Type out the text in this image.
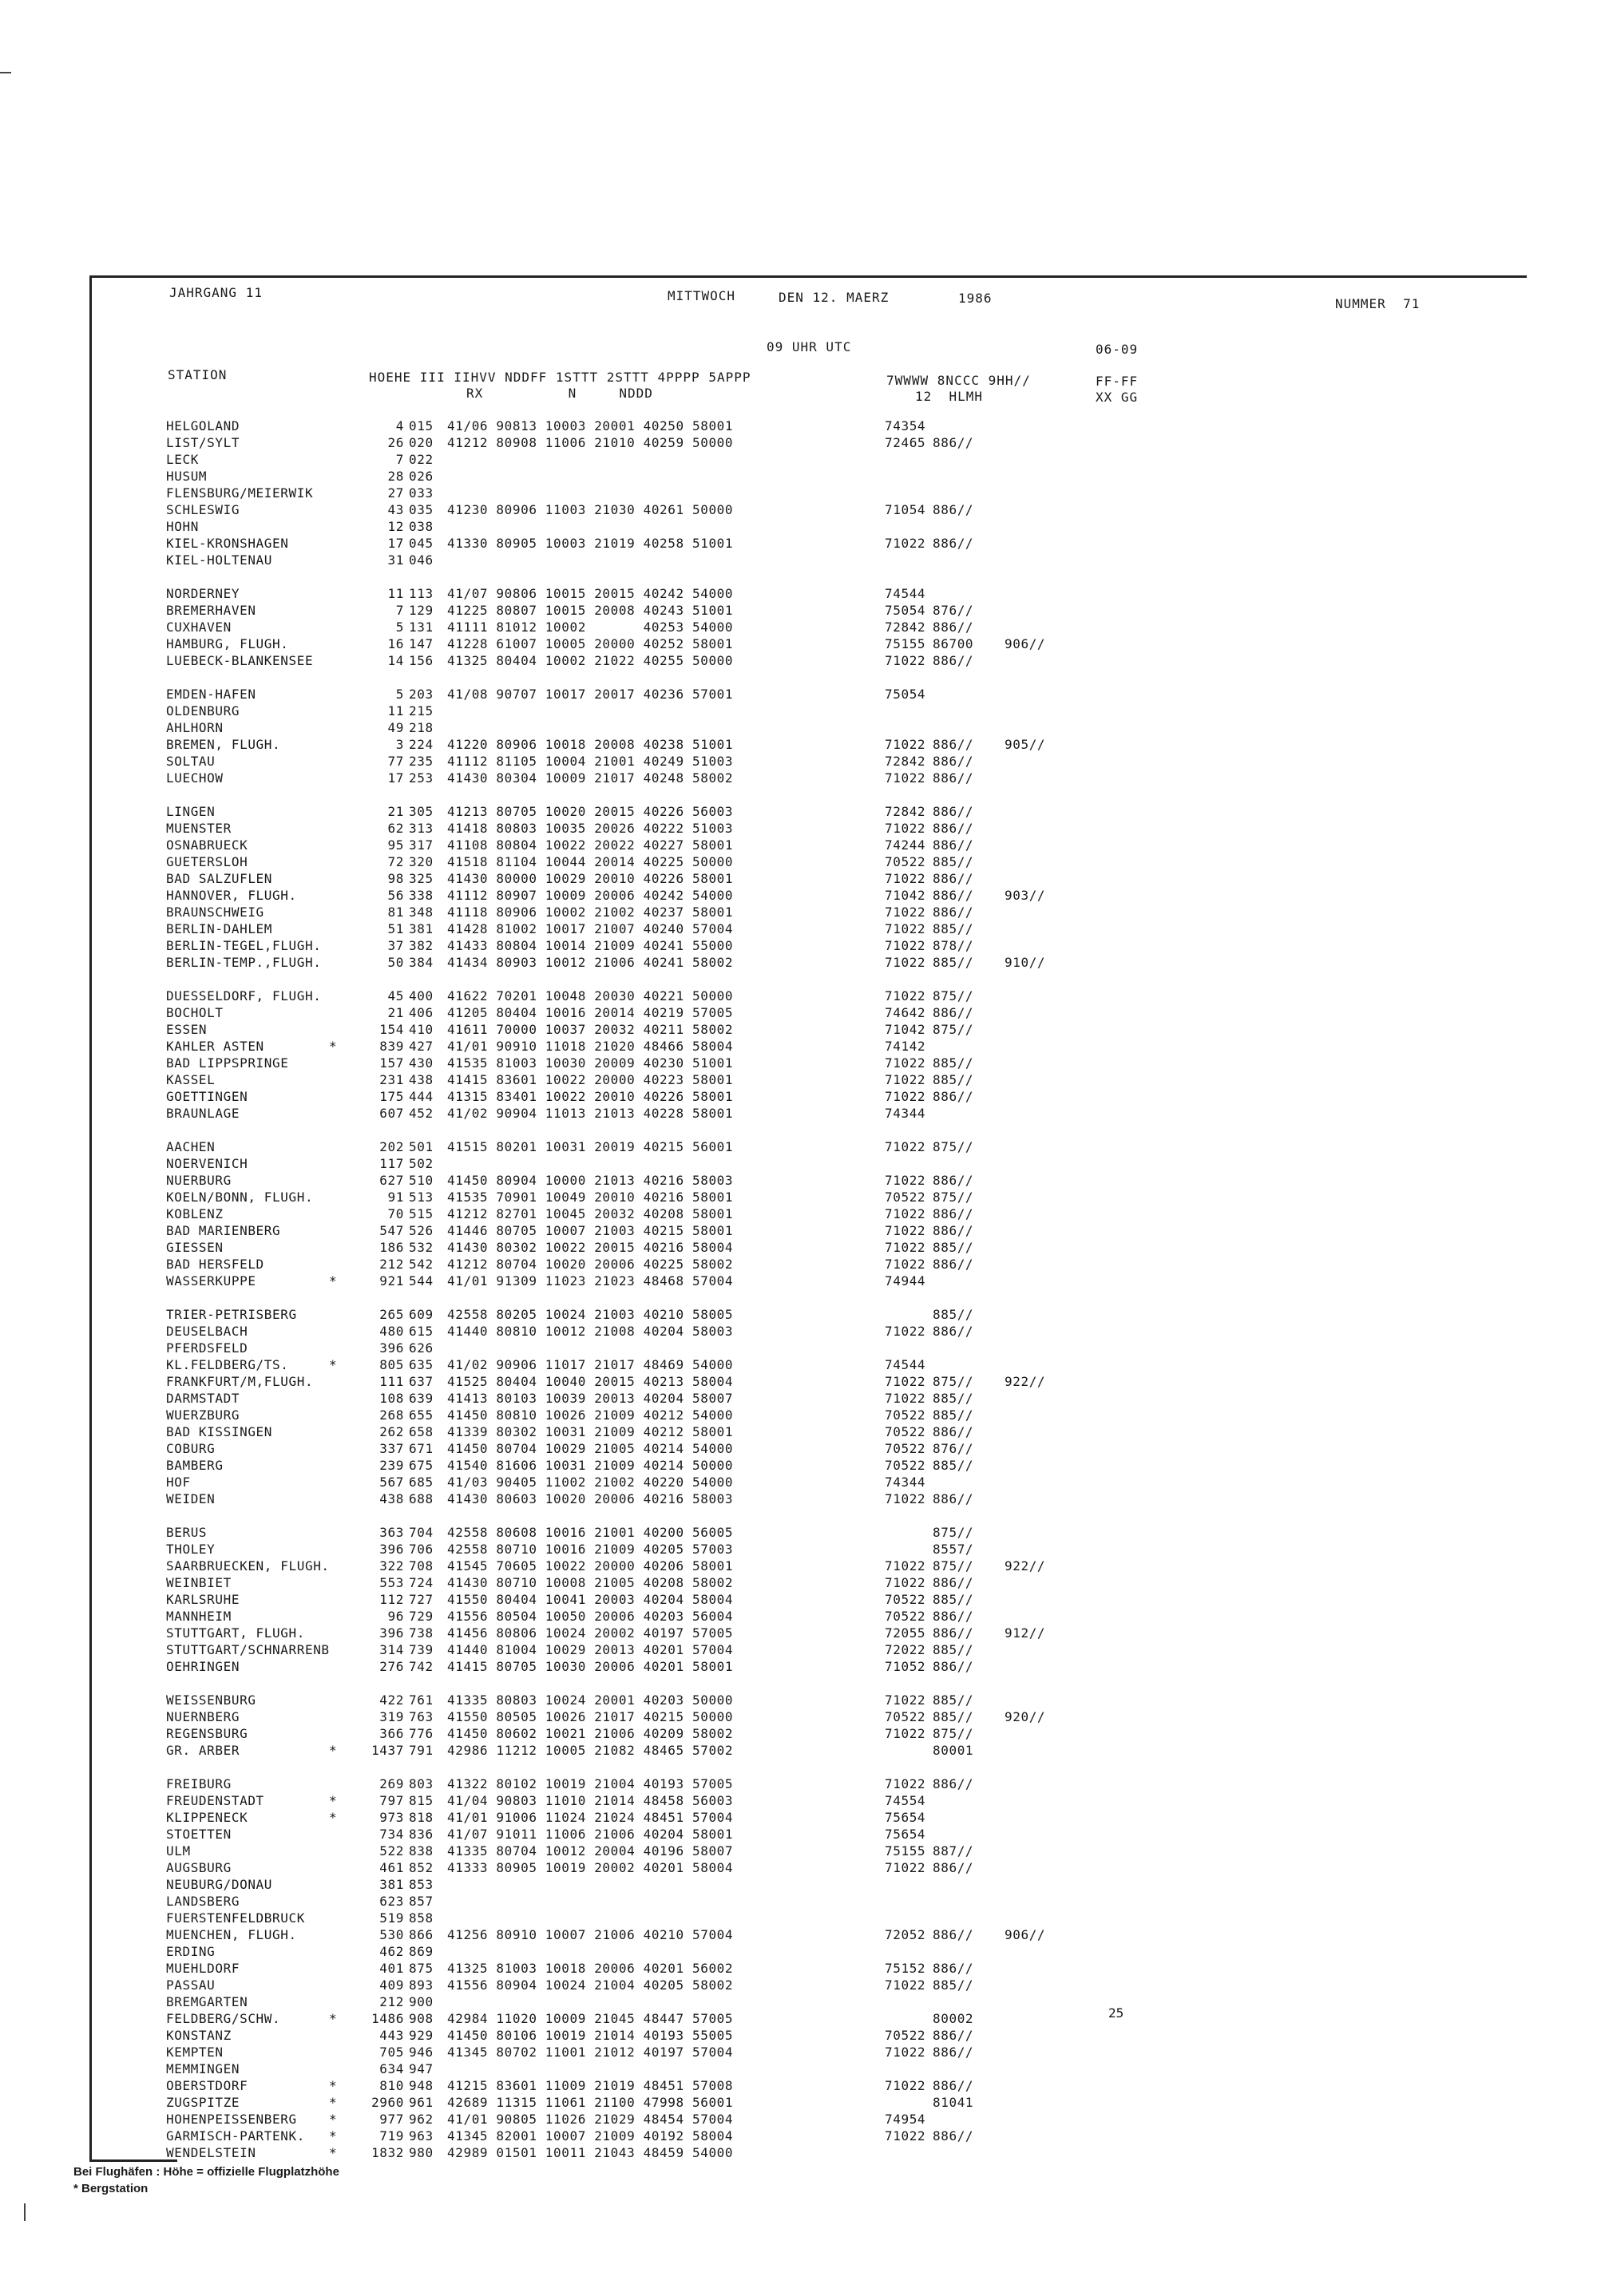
JAHRGANG 11	MITTWOCH	DEN 12. MAERZ	1986	NUMMER  71
09 UHR UTC	06-09
STATION	HOEHE III IIHVV NDDFF 1STTT 2STTT 4PPPP 5APPP
RX          N     NDDD
7WWWW 8NCCC 9HH//
12  HLMH
FF-FF
XX GG
HELGOLAND	4 015 41/06 90813 10003 20001 40250 58001	74354
LIST/SYLT	26 020 41212 80908 11006 21010 40259 50000	72465 886//
LECK	7 022
HUSUM	28 026
FLENSBURG/MEIERWIK	27 033
SCHLESWIG	43 035 41230 80906 11003 21030 40261 50000	71054 886//
HOHN	12 038
KIEL-KRONSHAGEN	17 045 41330 80905 10003 21019 40258 51001	71022 886//
KIEL-HOLTENAU	31 046
NORDERNEY	11 113 41/07 90806 10015 20015 40242 54000	74544
BREMERHAVEN	7 129 41225 80807 10015 20008 40243 51001	75054 876//
CUXHAVEN	5 131 41111 81012 10002       40253 54000	72842 886//
HAMBURG, FLUGH.	16 147 41228 61007 10005 20000 40252 58001	75155 86700 906//
LUEBECK-BLANKENSEE	14 156 41325 80404 10002 21022 40255 50000	71022 886//
EMDEN-HAFEN	5 203 41/08 90707 10017 20017 40236 57001	75054
OLDENBURG	11 215
AHLHORN	49 218
BREMEN, FLUGH.	3 224 41220 80906 10018 20008 40238 51001	71022 886// 905//
SOLTAU	77 235 41112 81105 10004 21001 40249 51003	72842 886//
LUECHOW	17 253 41430 80304 10009 21017 40248 58002	71022 886//
LINGEN	21 305 41213 80705 10020 20015 40226 56003	72842 886//
MUENSTER	62 313 41418 80803 10035 20026 40222 51003	71022 886//
OSNABRUECK	95 317 41108 80804 10022 20022 40227 58001	74244 886//
GUETERSLOH	72 320 41518 81104 10044 20014 40225 50000	70522 885//
BAD SALZUFLEN	98 325 41430 80000 10029 20010 40226 58001	71022 886//
HANNOVER, FLUGH.	56 338 41112 80907 10009 20006 40242 54000	71042 886// 903//
BRAUNSCHWEIG	81 348 41118 80906 10002 21002 40237 58001	71022 886//
BERLIN-DAHLEM	51 381 41428 81002 10017 21007 40240 57004	71022 885//
BERLIN-TEGEL,FLUGH.	37 382 41433 80804 10014 21009 40241 55000	71022 878//
BERLIN-TEMP.,FLUGH.	50 384 41434 80903 10012 21006 40241 58002	71022 885// 910//
DUESSELDORF, FLUGH.	45 400 41622 70201 10048 20030 40221 50000	71022 875//
BOCHOLT	21 406 41205 80404 10016 20014 40219 57005	74642 886//
ESSEN	154 410 41611 70000 10037 20032 40211 58002	71042 875//
KAHLER ASTEN	*	839 427 41/01 90910 11018 21020 48466 58004	74142
BAD LIPPSPRINGE	157 430 41535 81003 10030 20009 40230 51001	71022 885//
KASSEL	231 438 41415 83601 10022 20000 40223 58001	71022 885//
GOETTINGEN	175 444 41315 83401 10022 20010 40226 58001	71022 886//
BRAUNLAGE	607 452 41/02 90904 11013 21013 40228 58001	74344
AACHEN	202 501 41515 80201 10031 20019 40215 56001	71022 875//
NOERVENICH	117 502
NUERBURG	627 510 41450 80904 10000 21013 40216 58003	71022 886//
KOELN/BONN, FLUGH.	91 513 41535 70901 10049 20010 40216 58001	70522 875//
KOBLENZ	70 515 41212 82701 10045 20032 40208 58001	71022 886//
BAD MARIENBERG	547 526 41446 80705 10007 21003 40215 58001	71022 886//
GIESSEN	186 532 41430 80302 10022 20015 40216 58004	71022 885//
BAD HERSFELD	212 542 41212 80704 10020 20006 40225 58002	71022 886//
WASSERKUPPE	*	921 544 41/01 91309 11023 21023 48468 57004	74944
TRIER-PETRISBERG	265 609 42558 80205 10024 21003 40210 58005	885//
DEUSELBACH	480 615 41440 80810 10012 21008 40204 58003	71022 886//
PFERDSFELD	396 626
KL.FELDBERG/TS.	*	805 635 41/02 90906 11017 21017 48469 54000	74544
FRANKFURT/M,FLUGH.	111 637 41525 80404 10040 20015 40213 58004	71022 875// 922//
DARMSTADT	108 639 41413 80103 10039 20013 40204 58007	71022 885//
WUERZBURG	268 655 41450 80810 10026 21009 40212 54000	70522 885//
BAD KISSINGEN	262 658 41339 80302 10031 21009 40212 58001	70522 886//
COBURG	337 671 41450 80704 10029 21005 40214 54000	70522 876//
BAMBERG	239 675 41540 81606 10031 21009 40214 50000	70522 885//
HOF	567 685 41/03 90405 11002 21002 40220 54000	74344
WEIDEN	438 688 41430 80603 10020 20006 40216 58003	71022 886//
BERUS	363 704 42558 80608 10016 21001 40200 56005	875//
THOLEY	396 706 42558 80710 10016 21009 40205 57003	8557/
SAARBRUECKEN, FLUGH.	322 708 41545 70605 10022 20000 40206 58001	71022 875// 922//
WEINBIET	553 724 41430 80710 10008 21005 40208 58002	71022 886//
KARLSRUHE	112 727 41550 80404 10041 20003 40204 58004	70522 885//
MANNHEIM	96 729 41556 80504 10050 20006 40203 56004	70522 886//
STUTTGART, FLUGH.	396 738 41456 80806 10024 20002 40197 57005	72055 886// 912//
STUTTGART/SCHNARRENB	314 739 41440 81004 10029 20013 40201 57004	72022 885//
OEHRINGEN	276 742 41415 80705 10030 20006 40201 58001	71052 886//
WEISSENBURG	422 761 41335 80803 10024 20001 40203 50000	71022 885//
NUERNBERG	319 763 41550 80505 10026 21017 40215 50000	70522 885// 920//
REGENSBURG	366 776 41450 80602 10021 21006 40209 58002	71022 875//
GR. ARBER	*	1437 791 42986 11212 10005 21082 48465 57002	80001
FREIBURG	269 803 41322 80102 10019 21004 40193 57005	71022 886//
FREUDENSTADT	*	797 815 41/04 90803 11010 21014 48458 56003	74554
KLIPPENECK	*	973 818 41/01 91006 11024 21024 48451 57004	75654
STOETTEN	734 836 41/07 91011 11006 21006 40204 58001	75654
ULM	522 838 41335 80704 10012 20004 40196 58007	75155 887//
AUGSBURG	461 852 41333 80905 10019 20002 40201 58004	71022 886//
NEUBURG/DONAU	381 853
LANDSBERG	623 857
FUERSTENFELDBRUCK	519 858
MUENCHEN, FLUGH.	530 866 41256 80910 10007 21006 40210 57004	72052 886// 906//
ERDING	462 869
MUEHLDORF	401 875 41325 81003 10018 20006 40201 56002	75152 886//
PASSAU	409 893 41556 80904 10024 21004 40205 58002	71022 885//
BREMGARTEN	212 900
FELDBERG/SCHW.	*	1486 908 42984 11020 10009 21045 48447 57005	80002
KONSTANZ	443 929 41450 80106 10019 21014 40193 55005	70522 886//
KEMPTEN	705 946 41345 80702 11001 21012 40197 57004	71022 886//
MEMMINGEN	634 947
OBERSTDORF	*	810 948 41215 83601 11009 21019 48451 57008	71022 886//
ZUGSPITZE	*	2960 961 42689 11315 11061 21100 47998 56001	81041
HOHENPEISSENBERG	*	977 962 41/01 90805 11026 21029 48454 57004	74954
GARMISCH-PARTENK. *	719 963 41345 82001 10007 21009 40192 58004	71022 886//
WENDELSTEIN	*	1832 980 42989 01501 10011 21043 48459 54000
25
Bei Flughäfen : Höhe = offizielle Flugplatzhöhe
* Bergstation
